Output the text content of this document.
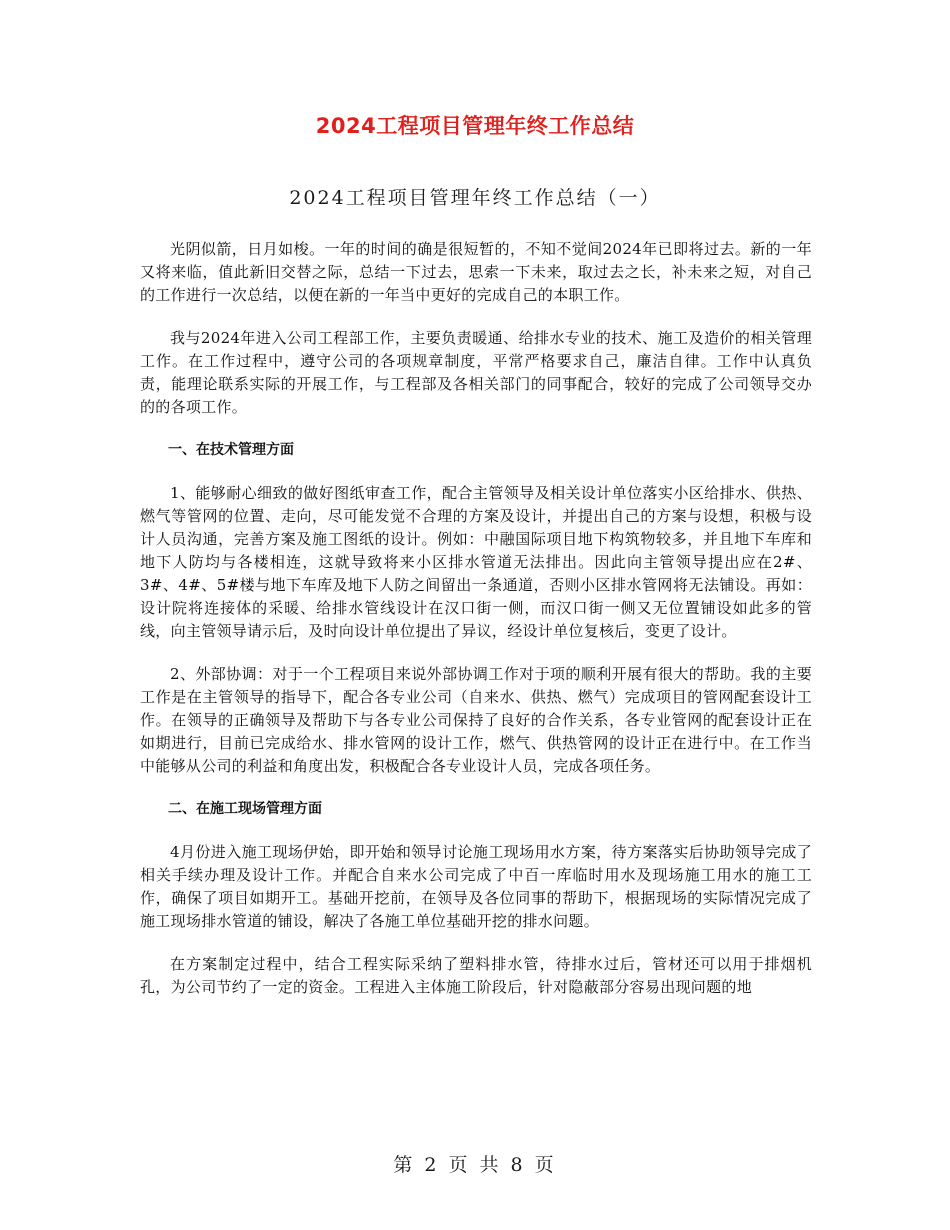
2024工程项目管理年终工作总结
2024工程项目管理年终工作总结（一）

光阴似箭，日月如梭。一年的时间的确是很短暂的，不知不觉间2024年已即将过去。新的一年又将来临，值此新旧交替之际，总结一下过去，思索一下未来，取过去之长，补未来之短，对自己的工作进行一次总结，以便在新的一年当中更好的完成自己的本职工作。

我与2024年进入公司工程部工作，主要负责暖通、给排水专业的技术、施工及造价的相关管理工作。在工作过程中，遵守公司的各项规章制度，平常严格要求自己，廉洁自律。工作中认真负责，能理论联系实际的开展工作，与工程部及各相关部门的同事配合，较好的完成了公司领导交办的的各项工作。

一、在技术管理方面

1、能够耐心细致的做好图纸审查工作，配合主管领导及相关设计单位落实小区给排水、供热、燃气等管网的位置、走向，尽可能发觉不合理的方案及设计，并提出自己的方案与设想，积极与设计人员沟通，完善方案及施工图纸的设计。例如：中融国际项目地下构筑物较多，并且地下车库和地下人防均与各楼相连，这就导致将来小区排水管道无法排出。因此向主管领导提出应在2#、3#、4#、5#楼与地下车库及地下人防之间留出一条通道，否则小区排水管网将无法铺设。再如：设计院将连接体的采暖、给排水管线设计在汉口街一侧，而汉口街一侧又无位置铺设如此多的管线，向主管领导请示后，及时向设计单位提出了异议，经设计单位复核后，变更了设计。

2、外部协调：对于一个工程项目来说外部协调工作对于项的顺利开展有很大的帮助。我的主要工作是在主管领导的指导下，配合各专业公司（自来水、供热、燃气）完成项目的管网配套设计工作。在领导的正确领导及帮助下与各专业公司保持了良好的合作关系，各专业管网的配套设计正在如期进行，目前已完成给水、排水管网的设计工作，燃气、供热管网的设计正在进行中。在工作当中能够从公司的利益和角度出发，积极配合各专业设计人员，完成各项任务。

二、在施工现场管理方面

4月份进入施工现场伊始，即开始和领导讨论施工现场用水方案，待方案落实后协助领导完成了相关手续办理及设计工作。并配合自来水公司完成了中百一库临时用水及现场施工用水的施工工作，确保了项目如期开工。基础开挖前，在领导及各位同事的帮助下，根据现场的实际情况完成了施工现场排水管道的铺设，解决了各施工单位基础开挖的排水问题。

在方案制定过程中，结合工程实际采纳了塑料排水管，待排水过后，管材还可以用于排烟机孔，为公司节约了一定的资金。工程进入主体施工阶段后，针对隐蔽部分容易出现问题的地

第 2 页 共 8 页
